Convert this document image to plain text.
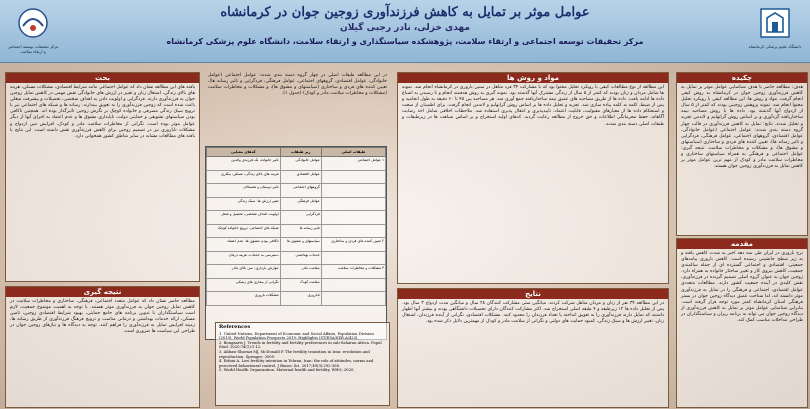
مرکز تحقیقات توسعه اجتماعی و ارتقاء سلامت
عوامل موثر بر تمایل به کاهش فرزندآوری زوجین جوان در کرمانشاه
مهدی خزلی، نادر رجبی گیلان
مرکز تحقیقات توسعه اجتماعی و ارتقاء سلامت، پژوهشکده سیاستگذاری و ارتقاء سلامت، دانشگاه علوم پزشکی کرمانشاه
دانشگاه علوم پزشکی کرمانشاه
چکیده
هدف: مطالعه حاضر با هدف شناسایی عوامل موثر بر تمایل به کاهش فرزندآوری زوجین جوان در کرمانشاه به روش کیفی انجام گرفت. مواد و روش ها: این مطالعه کیفی با رویکرد تحلیل محتوا انجام شد. نمونه پژوهش زوجینی بودند که کمتر از ۵ سال از ازدواج آنها گذشته بود. داده ها با روش مصاحبه نیمه ساختاریافته گردآوری و بر اساس روش گرانهایم و لاندمن تجزیه و تحلیل شدند. نتایج: تمایل به کاهش فرزندآوری در قالب چهار گروه دسته بندی شدند: عوامل اجتماعی (عوامل خانوادگی، عوامل اقتصادی، گروههای اجتماعی، عوامل فرهنگی، فردگرایی و تاثیر رسانه ها)، تعیین کننده های فردی و ساختاری (سیاستهای و مشوق ها)، و مشکلات و مخاطرات سلامت. نتیجه گیری: عوامل اجتماعی و فرهنگی به همراه سیاستهای ساختاری و مخاطرات سلامت مادر و کودک از مهم ترین عوامل موثر بر کاهش تمایل به فرزندآوری زوجین جوان هستند.
مقدمه
نرخ باروری در ایران طی سه دهه اخیر به شدت کاهش یافته و به زیر سطح جانشینی رسیده است. کاهش باروری پیامدهای جمعیتی، اقتصادی و اجتماعی گسترده ای از جمله سالمندی جمعیت، کاهش نیروی کار و تغییر ساختار خانواده به همراه دارد. زوجین جوان به عنوان گروه اصلی تصمیم گیرنده در فرزندآوری، نقش کلیدی در آینده جمعیت کشور دارند. مطالعات متعددی عوامل اقتصادی، اجتماعی و فرهنگی را در تمایل به فرزندآوری موثر دانسته اند، اما شناخت عمیق دیدگاه زوجین جوان در بستر فرهنگی استان کرمانشاه کمتر مورد توجه قرار گرفته است. بنابراین شناسایی عوامل موثر بر تمایل به کاهش فرزندآوری از دیدگاه زوجین جوان می تواند به برنامه ریزان و سیاستگذاران در طراحی مداخلات مناسب کمک کند.
مواد و روش ها
این مطالعه از نوع مطالعات کیفی با رویکرد تحلیل محتوا بود که با مشارکت ۳۴ فرد متاهل در سنین باروری در کرمانشاه انجام شد. نمونه ها شامل مردان و زنان بودند که کمتر از ۵ سال از زندگی مشترک آنها گذشته بود. نمونه گیری به روش هدفمند انجام و تا رسیدن به اشباع داده ها ادامه یافت. داده ها از طریق مصاحبه های عمیق نیمه ساختاریافته جمع آوری شد. هر مصاحبه بین ۴۵ تا ۶۰ دقیقه به طول انجامید و پس از ضبط، کلمه به کلمه پیاده سازی شد. تجزیه و تحلیل داده ها بر اساس روش گرانهایم و لاندمن انجام گرفت. برای اطمینان از صحت و استحکام داده ها از معیارهای مقبولیت، قابلیت اعتماد، تاییدپذیری و انتقال پذیری استفاده شد. ملاحظات اخلاقی شامل اخذ رضایت آگاهانه، حفظ محرمانگی اطلاعات و حق خروج از مطالعه رعایت گردید. کدهای اولیه استخراج و بر اساس شباهت ها در زیرطبقات و طبقات اصلی دسته بندی شدند.
نتایج
در این مطالعه ۳۴ نفر از زنان و مردان متاهل شرکت کردند. میانگین سنی مشارکت کنندگان ۲۸ سال و میانگین مدت ازدواج ۳ سال بود. پس از تحلیل داده ها ۱۲ زیرطبقه و ۴ طبقه اصلی استخراج شد. اکثر مشارکت کنندگان دارای تحصیلات دانشگاهی بودند و بیشتر آنها اظهار داشتند که تمایل دارند فرزندآوری را به تعویق انداخته یا تعداد فرزندان را محدود کنند. مشکلات اقتصادی، نگرانی از آینده فرزندان، اشتغال زنان، تغییر ارزش ها و سبک زندگی، کمبود حمایت های دولتی و نگرانی از سلامت مادر و کودک از مهمترین دلایل ذکر شده بود.
در این مطالعه طبقات اصلی در چهار گروه دسته بندی شدند: عوامل اجتماعی (عوامل خانوادگی، عوامل اقتصادی، گروههای اجتماعی، عوامل فرهنگی، فردگرایی و تاثیر رسانه ها)، تعیین کننده های فردی و ساختاری (سیاستهای و مشوق ها)، و مشکلات و مخاطرات سلامت (مشکلات و مخاطرات سلامت مادر و کودک) (جدول ۱).
طبقات اصلی	زیر طبقات	کدهای معنایی
۱ عوامل اجتماعی	عوامل خانوادگی	تاثیر خانواده، تک فرزندی والدین
	عوامل اقتصادی	هزینه های بالای زندگی، مسکن، بیکاری
	گروههای اجتماعی	تاثیر دوستان و همسالان
	عوامل فرهنگی	تغییر ارزش ها، سبک زندگی
	فردگرایی	اولویت اهداف شخصی، تحصیل و شغل
	تاثیر رسانه ها	شبکه های اجتماعی، ترویج خانواده کوچک
۲ تعیین کننده های فردی و ساختاری	سیاستهای و مشوق ها	ناکافی بودن مشوق ها، عدم اعتماد
	خدمات بهداشتی	دسترسی به خدمات، هزینه درمان
۳ مشکلات و مخاطرات سلامت	سلامت مادر	عوارض بارداری، سن بالای مادر
	سلامت کودک	نگرانی از بیماری های ژنتیکی
	ناباروری	مشکلات باروری
References
1. United Nations, Department of Economic and Social Affairs, Population Division (2019). World Population Prospects 2019: Highlights (ST/ESA/SER.A/423).
2. Bongaarts J. Trends in fertility and fertility preferences in sub-Saharan Africa. Popul Stud. 2020;74(1):1-12.
3. Abbasi-Shavazi MJ, McDonald P. The fertility transition in Iran: revolution and reproduction. Springer; 2009.
4. Erfani A. Low fertility intention in Tehran, Iran: the role of attitudes, norms and perceived behavioural control. J Biosoc Sci. 2017;49(3):292-308.
5. World Health Organization. Maternal health and fertility. WHO; 2020.
بحث
یافته های این مطالعه نشان داد که عوامل اجتماعی مانند شرایط اقتصادی، مشکلات مسکن، هزینه های بالای زندگی، اشتغال زنان و تغییر در ارزش های خانوادگی نقش مهمی در کاهش تمایل زوجین جوان به فرزندآوری دارند. فردگرایی و اولویت دادن به اهداف شخصی، تحصیلات و پیشرفت شغلی باعث شده است که زوجین فرزندآوری را به تعویق بیندازند. رسانه ها و شبکه های اجتماعی نیز با ترویج سبک زندگی مصرفی و خانواده کوچک بر نگرش زوجین تاثیرگذار بوده اند. همچنین ناکافی بودن سیاستهای تشویقی و حمایتی دولت، ناپایداری مشوق ها و عدم اعتماد به اجرای آنها از دیگر عوامل موثر بوده است. نگرانی از مخاطرات سلامت مادر و کودک، افزایش سن ازدواج و مشکلات ناباروری نیز در تصمیم زوجین برای کاهش فرزندآوری نقش داشته است. این نتایج با یافته های مطالعات مشابه در سایر مناطق کشور همخوانی دارد.
نتیجه گیری
مطالعه حاضر نشان داد که عوامل متعدد اجتماعی، فرهنگی، ساختاری و مخاطرات سلامت در کاهش تمایل زوجین جوان به فرزندآوری موثر هستند. با توجه به اهمیت موضوع جمعیت، لازم است سیاستگذاران با تدوین برنامه های جامع حمایتی، بهبود شرایط اقتصادی زوجین، تامین مسکن، ارائه خدمات بهداشتی و درمانی مناسب و ترویج فرهنگ فرزندآوری از طریق رسانه ها، زمینه افزایش تمایل به فرزندآوری را فراهم کنند. توجه به دیدگاه ها و نیازهای زوجین جوان در طراحی این سیاست ها ضروری است.
